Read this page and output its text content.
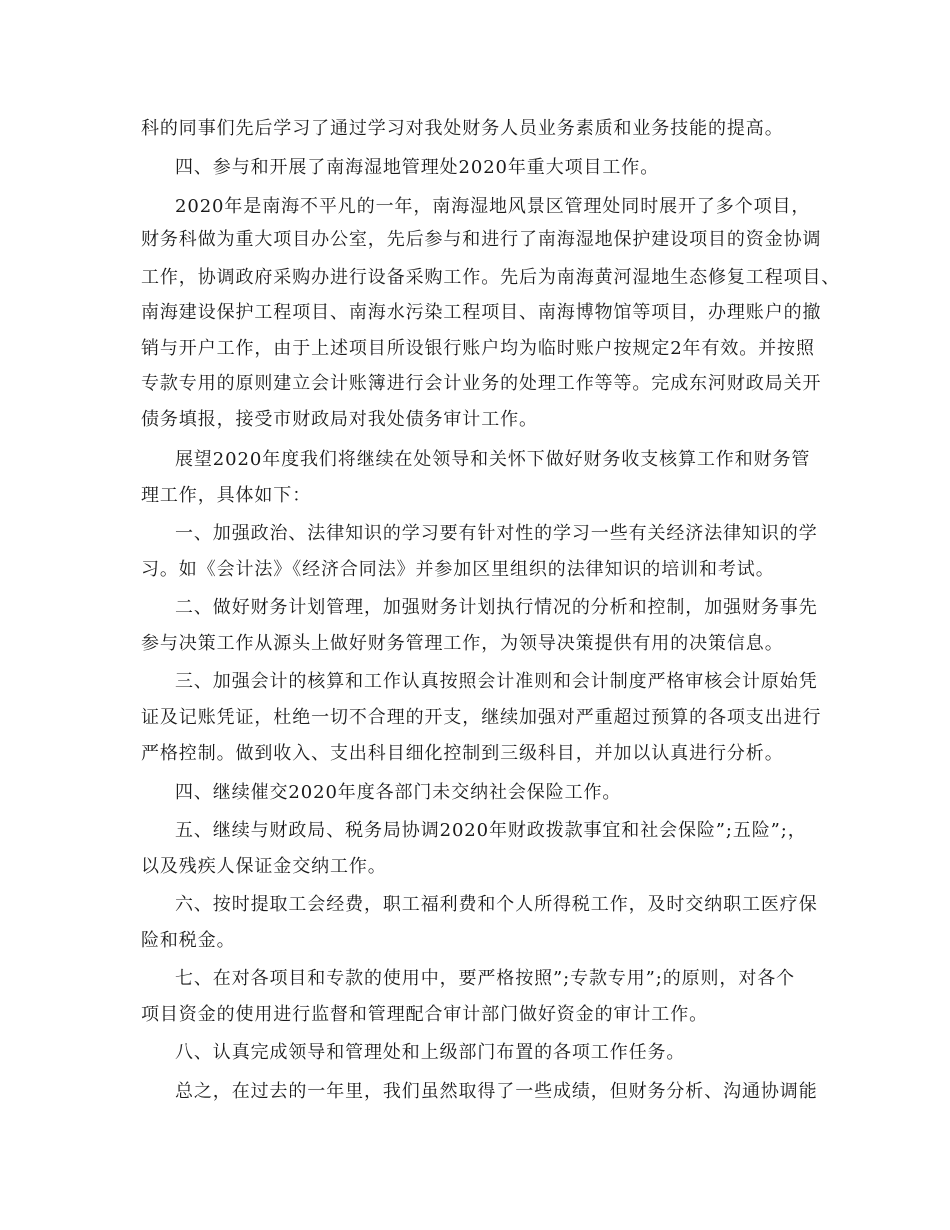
科的同事们先后学习了通过学习对我处财务人员业务素质和业务技能的提高。
四、参与和开展了南海湿地管理处2020年重大项目工作。
2020年是南海不平凡的一年，南海湿地风景区管理处同时展开了多个项目，
财务科做为重大项目办公室，先后参与和进行了南海湿地保护建设项目的资金协调
工作，协调政府采购办进行设备采购工作。先后为南海黄河湿地生态修复工程项目、
南海建设保护工程项目、南海水污染工程项目、南海博物馆等项目，办理账户的撤
销与开户工作，由于上述项目所设银行账户均为临时账户按规定2年有效。并按照
专款专用的原则建立会计账簿进行会计业务的处理工作等等。完成东河财政局关开
债务填报，接受市财政局对我处债务审计工作。
展望2020年度我们将继续在处领导和关怀下做好财务收支核算工作和财务管
理工作，具体如下：
一、加强政治、法律知识的学习要有针对性的学习一些有关经济法律知识的学
习。如《会计法》《经济合同法》并参加区里组织的法律知识的培训和考试。
二、做好财务计划管理，加强财务计划执行情况的分析和控制，加强财务事先
参与决策工作从源头上做好财务管理工作，为领导决策提供有用的决策信息。
三、加强会计的核算和工作认真按照会计准则和会计制度严格审核会计原始凭
证及记账凭证，杜绝一切不合理的开支，继续加强对严重超过预算的各项支出进行
严格控制。做到收入、支出科目细化控制到三级科目，并加以认真进行分析。
四、继续催交2020年度各部门未交纳社会保险工作。
五、继续与财政局、税务局协调2020年财政拨款事宜和社会保险”;五险”;，
以及残疾人保证金交纳工作。
六、按时提取工会经费，职工福利费和个人所得税工作，及时交纳职工医疗保
险和税金。
七、在对各项目和专款的使用中，要严格按照”;专款专用”;的原则，对各个
项目资金的使用进行监督和管理配合审计部门做好资金的审计工作。
八、认真完成领导和管理处和上级部门布置的各项工作任务。
总之，在过去的一年里，我们虽然取得了一些成绩，但财务分析、沟通协调能
